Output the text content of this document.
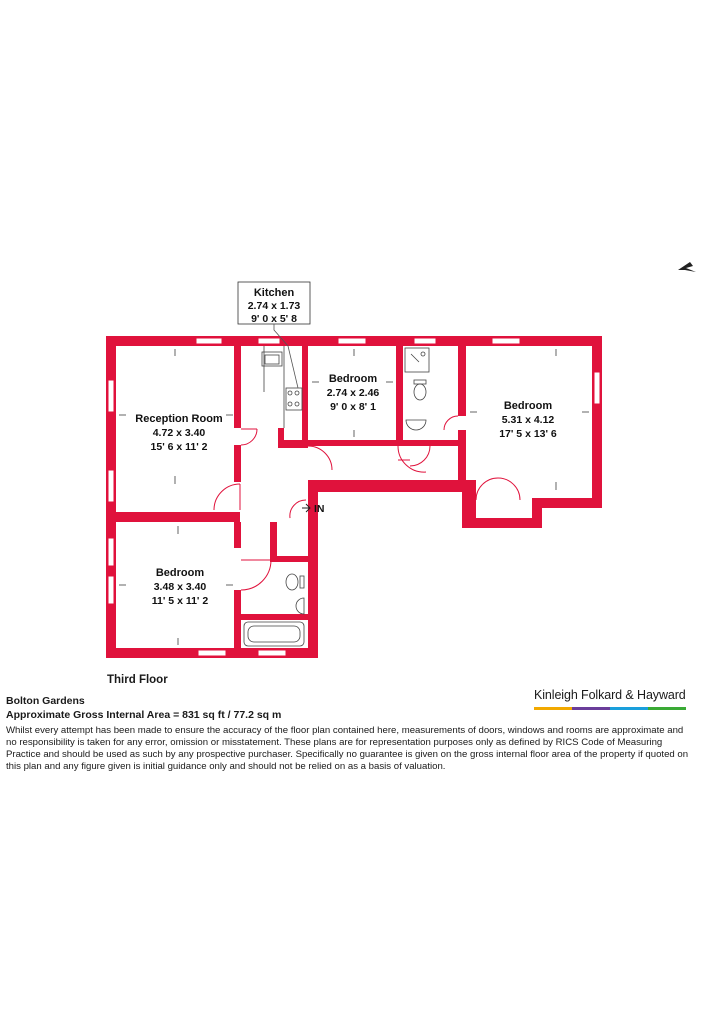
Kitchen
2.74 x 1.73
9' 0 x 5' 8
Bedroom
2.74 x 2.46
9' 0 x 8' 1	Bedroom
5.31 x 4.12
17' 5 x 13' 6
Reception Room
4.72 x 3.40
15' 6 x 11' 2
Bedroom
3.48 x 3.40
11' 5 x 11' 2
IN
Third Floor
Bolton Gardens
Approximate Gross Internal Area = 831 sq ft / 77.2 sq m
Whilst every attempt has been made to ensure the accuracy of the floor plan contained here, measurements of doors, windows and rooms are approximate and no responsibility is taken for any error, omission or misstatement. These plans are for representation purposes only as defined by RICS Code of Measuring Practice and should be used as such by any prospective purchaser. Specifically no guarantee is given on the gross internal floor area of the property if quoted on this plan and any figure given is initial guidance only and should not be relied on as a basis of valuation.
Kinleigh Folkard & Hayward
